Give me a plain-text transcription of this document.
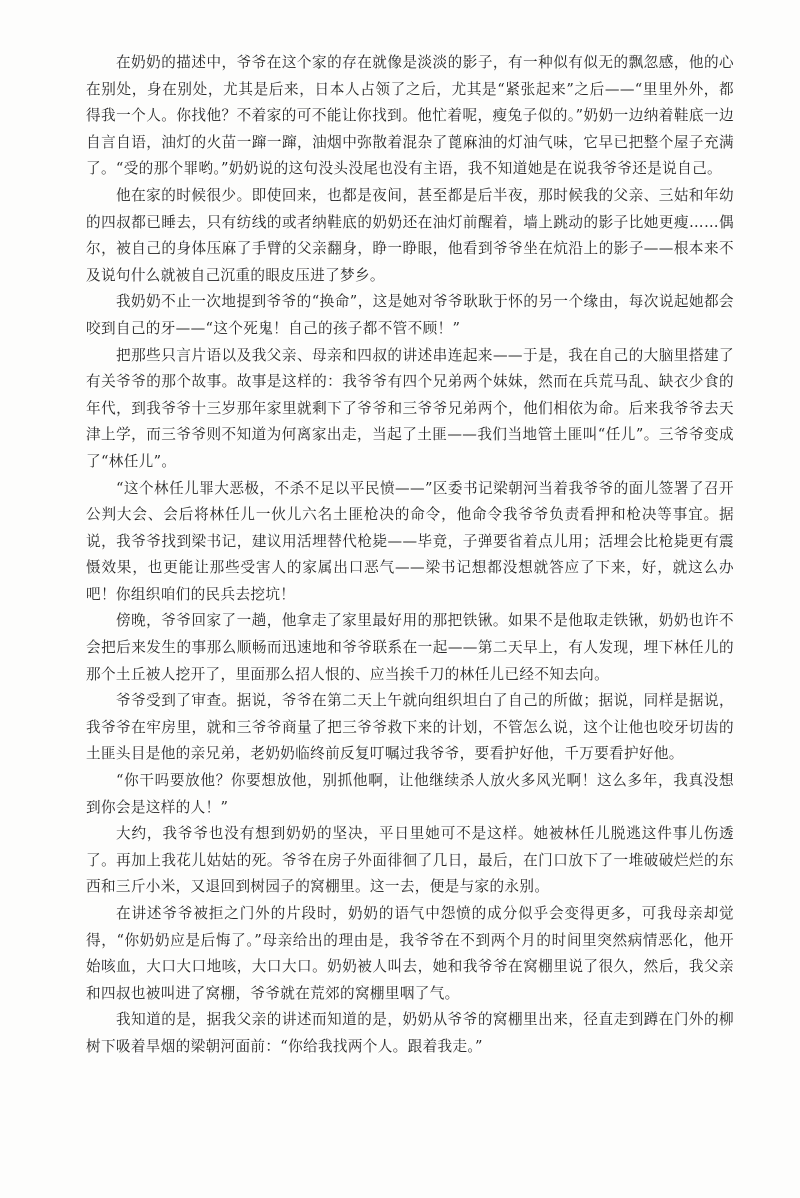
在奶奶的描述中，爷爷在这个家的存在就像是淡淡的影子，有一种似有似无的飘忽感，他的心在别处，身在别处，尤其是后来，日本人占领了之后，尤其是“紧张起来”之后——“里里外外，都得我一个人。你找他？不着家的可不能让你找到。他忙着呢，瘦兔子似的。”奶奶一边纳着鞋底一边自言自语，油灯的火苗一蹿一蹿，油烟中弥散着混杂了蓖麻油的灯油气味，它早已把整个屋子充满了。“受的那个罪哟。”奶奶说的这句没头没尾也没有主语，我不知道她是在说我爷爷还是说自己。

他在家的时候很少。即使回来，也都是夜间，甚至都是后半夜，那时候我的父亲、三姑和年幼的四叔都已睡去，只有纺线的或者纳鞋底的奶奶还在油灯前醒着，墙上跳动的影子比她更瘦……偶尔，被自己的身体压麻了手臂的父亲翻身，睁一睁眼，他看到爷爷坐在炕沿上的影子——根本来不及说句什么就被自己沉重的眼皮压进了梦乡。

我奶奶不止一次地提到爷爷的“换命”，这是她对爷爷耿耿于怀的另一个缘由，每次说起她都会咬到自己的牙——“这个死鬼！自己的孩子都不管不顾！”

把那些只言片语以及我父亲、母亲和四叔的讲述串连起来——于是，我在自己的大脑里搭建了有关爷爷的那个故事。故事是这样的：我爷爷有四个兄弟两个妹妹，然而在兵荒马乱、缺衣少食的年代，到我爷爷十三岁那年家里就剩下了爷爷和三爷爷兄弟两个，他们相依为命。后来我爷爷去天津上学，而三爷爷则不知道为何离家出走，当起了土匪——我们当地管土匪叫“任儿”。三爷爷变成了“林任儿”。

“这个林任儿罪大恶极，不杀不足以平民愤——”区委书记梁朝河当着我爷爷的面儿签署了召开公判大会、会后将林任儿一伙儿六名土匪枪决的命令，他命令我爷爷负责看押和枪决等事宜。据说，我爷爷找到梁书记，建议用活埋替代枪毙——毕竟，子弹要省着点儿用；活埋会比枪毙更有震慑效果，也更能让那些受害人的家属出口恶气——梁书记想都没想就答应了下来，好，就这么办吧！你组织咱们的民兵去挖坑！

傍晚，爷爷回家了一趟，他拿走了家里最好用的那把铁锹。如果不是他取走铁锹，奶奶也许不会把后来发生的事那么顺畅而迅速地和爷爷联系在一起——第二天早上，有人发现，埋下林任儿的那个土丘被人挖开了，里面那么招人恨的、应当挨千刀的林任儿已经不知去向。

爷爷受到了审查。据说，爷爷在第二天上午就向组织坦白了自己的所做；据说，同样是据说，我爷爷在牢房里，就和三爷爷商量了把三爷爷救下来的计划，不管怎么说，这个让他也咬牙切齿的土匪头目是他的亲兄弟，老奶奶临终前反复叮嘱过我爷爷，要看护好他，千万要看护好他。

“你干吗要放他？你要想放他，别抓他啊，让他继续杀人放火多风光啊！这么多年，我真没想到你会是这样的人！”

大约，我爷爷也没有想到奶奶的坚决，平日里她可不是这样。她被林任儿脱逃这件事儿伤透了。再加上我花儿姑姑的死。爷爷在房子外面徘徊了几日，最后，在门口放下了一堆破破烂烂的东西和三斤小米，又退回到树园子的窝棚里。这一去，便是与家的永别。

在讲述爷爷被拒之门外的片段时，奶奶的语气中怨愤的成分似乎会变得更多，可我母亲却觉得，“你奶奶应是后悔了。”母亲给出的理由是，我爷爷在不到两个月的时间里突然病情恶化，他开始咳血，大口大口地咳，大口大口。奶奶被人叫去，她和我爷爷在窝棚里说了很久，然后，我父亲和四叔也被叫进了窝棚，爷爷就在荒郊的窝棚里咽了气。

我知道的是，据我父亲的讲述而知道的是，奶奶从爷爷的窝棚里出来，径直走到蹲在门外的柳树下吸着旱烟的梁朝河面前：“你给我找两个人。跟着我走。”
